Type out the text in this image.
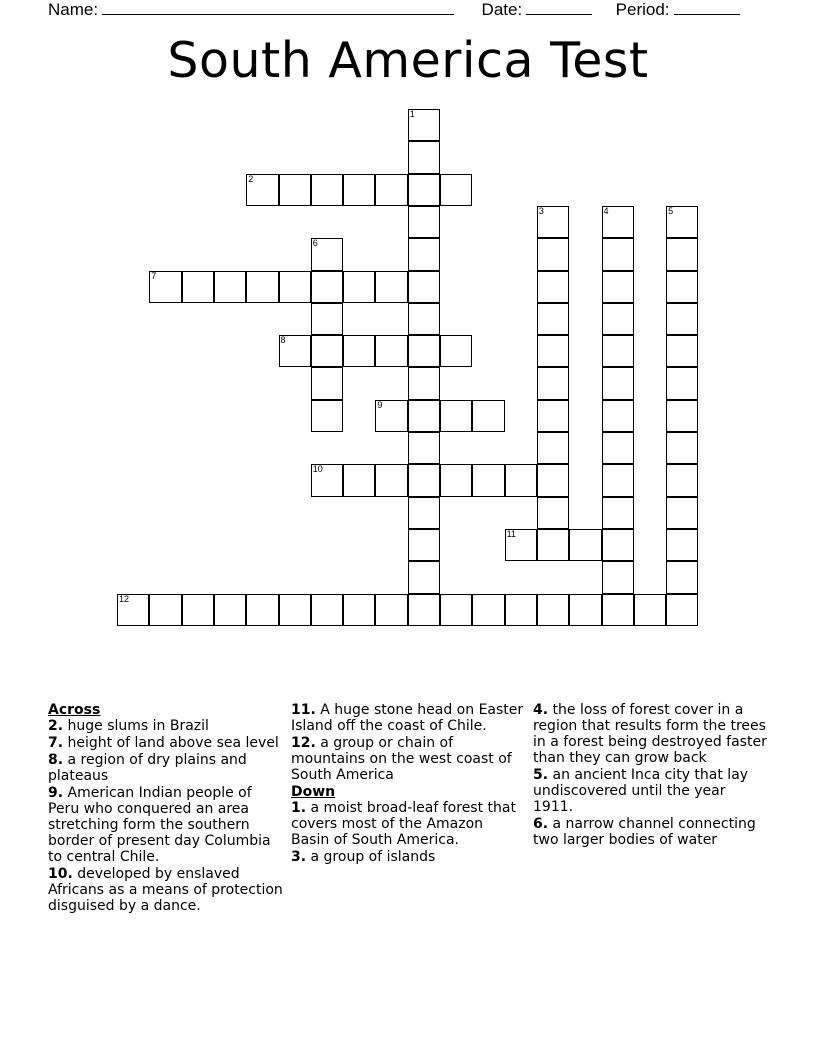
Name:	Date:	Period:
South America Test
1
2
3	4	5
6
7
8
9
10
11
12
Across
2. huge slums in Brazil
7. height of land above sea level
8. a region of dry plains and plateaus
9. American Indian people of Peru who conquered an area stretching form the southern border of present day Columbia to central Chile.
10. developed by enslaved Africans as a means of protection disguised by a dance.
11. A huge stone head on Easter Island off the coast of Chile.
12. a group or chain of mountains on the west coast of South America
Down
1. a moist broad-leaf forest that covers most of the Amazon Basin of South America.
3. a group of islands
4. the loss of forest cover in a region that results form the trees in a forest being destroyed faster than they can grow back
5. an ancient Inca city that lay undiscovered until the year 1911.
6. a narrow channel connecting two larger bodies of water
